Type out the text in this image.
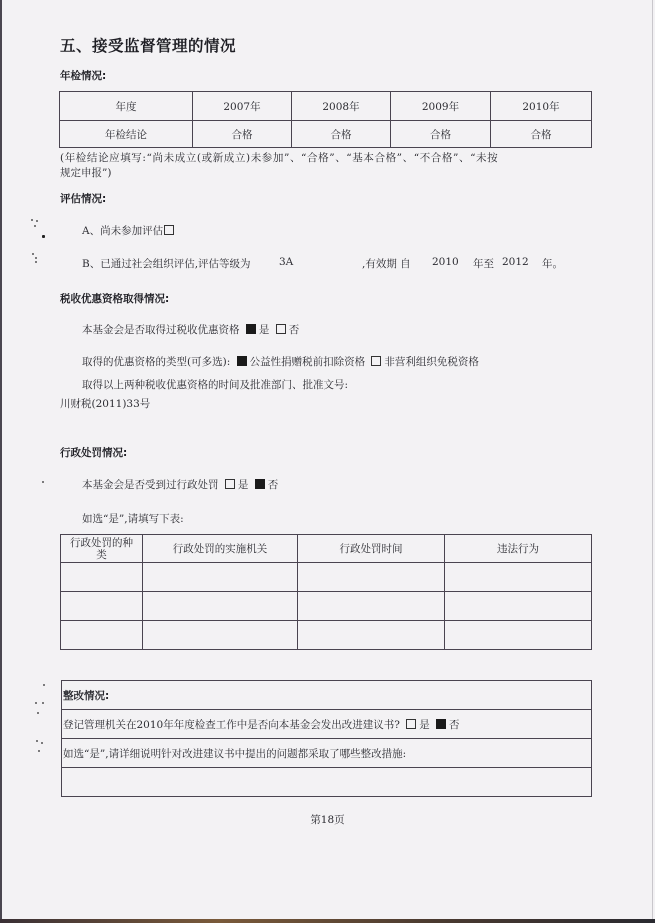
五、接受监督管理的情况
年检情况:
年度	2007年	2008年	2009年	2010年
年检结论	合格	合格	合格	合格
(年检结论应填写:“尚未成立(或新成立)未参加”、“合格”、“基本合格”、“不合格”、“未按
规定申报”)
评估情况:
A、尚未参加评估
B、已通过社会组织评估,评估等级为	3A	,有效期 自 2010 年至 2012 年。
税收优惠资格取得情况:
本基金会是否取得过税收优惠资格 是 否
取得的优惠资格的类型(可多选): 公益性捐赠税前扣除资格 非营利组织免税资格
取得以上两种税收优惠资格的时间及批准部门、批准文号:
川财税(2011)33号
行政处罚情况:
本基金会是否受到过行政处罚 是 否
如选“是”,请填写下表:
行政处罚的种类	行政处罚的实施机关	行政处罚时间	违法行为

整改情况:
登记管理机关在2010年年度检查工作中是否向本基金会发出改进建议书? 是 否
如选“是”,请详细说明针对改进建议书中提出的问题都采取了哪些整改措施:

第18页
